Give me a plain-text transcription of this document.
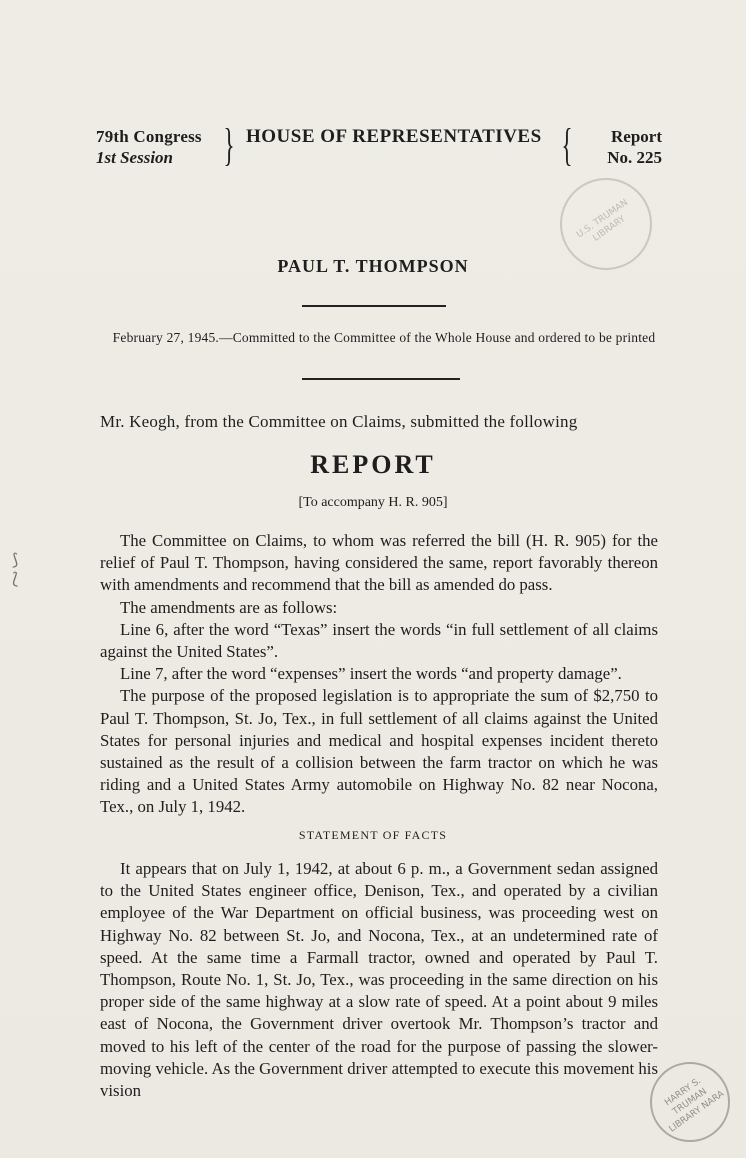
U.S. TRUMAN LIBRARY
79th Congress
1st Session	} HOUSE OF REPRESENTATIVES {	Report
No. 225
PAUL T. THOMPSON
February 27, 1945.—Committed to the Committee of the Whole House and ordered to be printed
Mr. Keogh, from the Committee on Claims, submitted the following
REPORT
[To accompany H. R. 905]

The Committee on Claims, to whom was referred the bill (H. R. 905) for the relief of Paul T. Thompson, having considered the same, report favorably thereon with amendments and recommend that the bill as amended do pass.

The amendments are as follows:

Line 6, after the word “Texas” insert the words “in full settlement of all claims against the United States”.

Line 7, after the word “expenses” insert the words “and property damage”.

The purpose of the proposed legislation is to appropriate the sum of $2,750 to Paul T. Thompson, St. Jo, Tex., in full settlement of all claims against the United States for personal injuries and medical and hospital expenses incident thereto sustained as the result of a collision between the farm tractor on which he was riding and a United States Army automobile on Highway No. 82 near Nocona, Tex., on July 1, 1942.

STATEMENT OF FACTS

It appears that on July 1, 1942, at about 6 p. m., a Government sedan assigned to the United States engineer office, Denison, Tex., and operated by a civilian employee of the War Department on official business, was proceeding west on Highway No. 82 between St. Jo, and Nocona, Tex., at an undetermined rate of speed. At the same time a Farmall tractor, owned and operated by Paul T. Thompson, Route No. 1, St. Jo, Tex., was proceeding in the same direction on his proper side of the same highway at a slow rate of speed. At a point about 9 miles east of Nocona, the Government driver overtook Mr. Thompson’s tractor and moved to his left of the center of the road for the purpose of passing the slower-moving vehicle. As the Government driver attempted to execute this movement his vision	HARRY S. TRUMAN LIBRARY NARA
⟆
⟅
